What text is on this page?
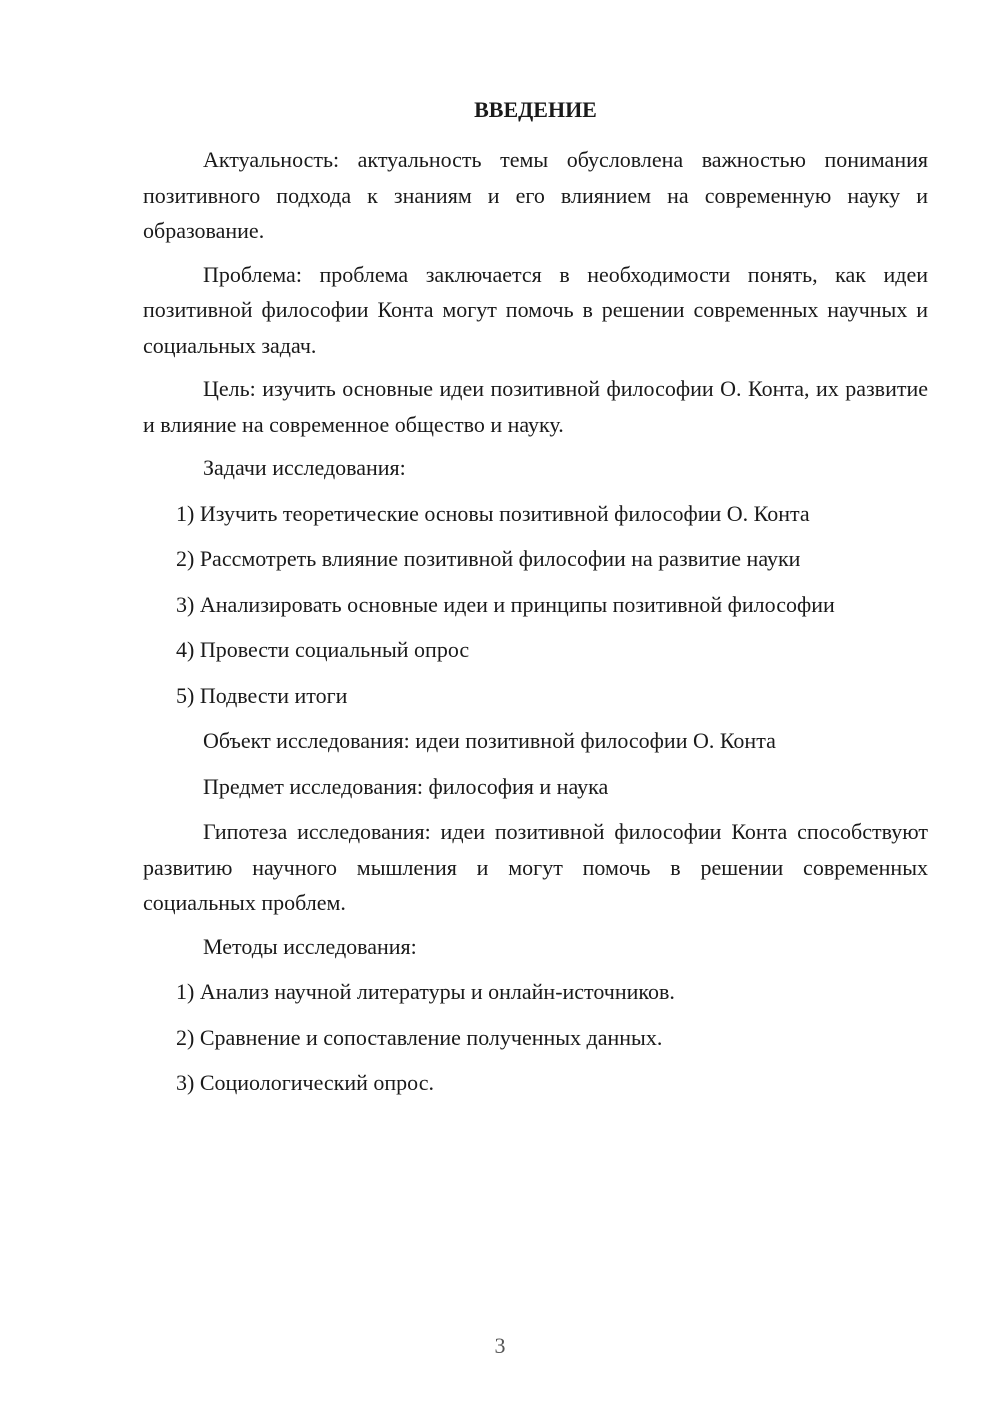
ВВЕДЕНИЕ

Актуальность: актуальность темы обусловлена важностью понимания позитивного подхода к знаниям и его влиянием на современную науку и образование.

Проблема: проблема заключается в необходимости понять, как идеи позитивной философии Конта могут помочь в решении современных научных и социальных задач.

Цель: изучить основные идеи позитивной философии О. Конта, их развитие и влияние на современное общество и науку.

Задачи исследования:
1) Изучить теоретические основы позитивной философии О. Конта
2) Рассмотреть влияние позитивной философии на развитие науки
3) Анализировать основные идеи и принципы позитивной философии
4) Провести социальный опрос
5) Подвести итоги
Объект исследования: идеи позитивной философии О. Конта
Предмет исследования: философия и наука

Гипотеза исследования: идеи позитивной философии Конта способствуют развитию научного мышления и могут помочь в решении современных социальных проблем.

Методы исследования:
1) Анализ научной литературы и онлайн-источников.
2) Сравнение и сопоставление полученных данных.
3) Социологический опрос.
3
